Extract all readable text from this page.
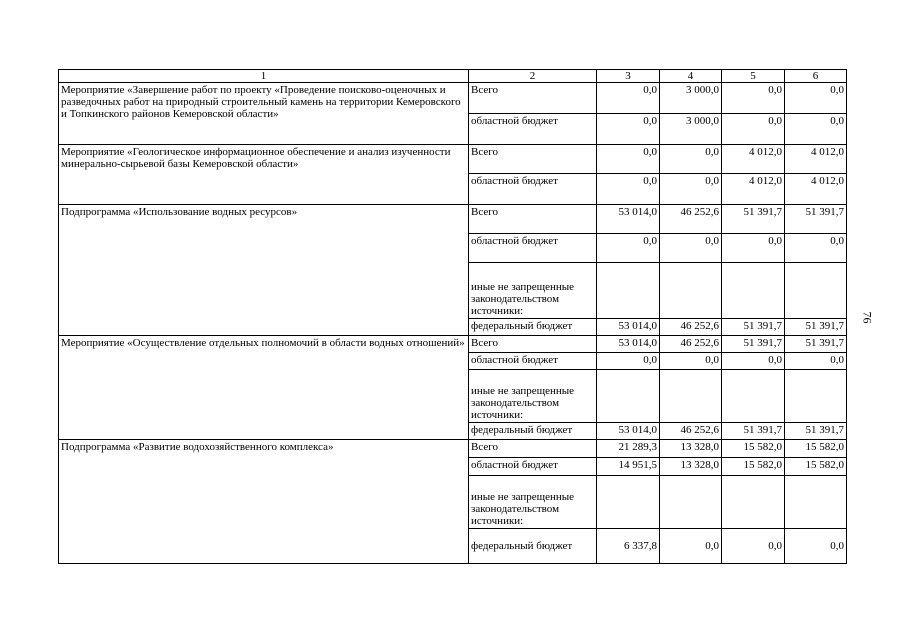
1	2	3	4	5	6
Мероприятие «Завершение работ по проекту «Проведение поисково-оценочных и разведочных работ на природный строительный камень на территории Кемеровского и Топкинского районов Кемеровской области»	Всего	0,0	3 000,0	0,0	0,0
	областной бюджет	0,0	3 000,0	0,0	0,0
Мероприятие «Геологическое информационное обеспечение и анализ изученности минерально-сырьевой базы Кемеровской области»	Всего	0,0	0,0	4 012,0	4 012,0
	областной бюджет	0,0	0,0	4 012,0	4 012,0
Подпрограмма «Использование водных ресурсов»	Всего	53 014,0	46 252,6	51 391,7	51 391,7
	областной бюджет	0,0	0,0	0,0	0,0
	иные не запрещенные законодательством источники:				
	федеральный бюджет	53 014,0	46 252,6	51 391,7	51 391,7
Мероприятие «Осуществление отдельных полномочий в области водных отношений»	Всего	53 014,0	46 252,6	51 391,7	51 391,7
	областной бюджет	0,0	0,0	0,0	0,0
	иные не запрещенные законодательством источники:				
	федеральный бюджет	53 014,0	46 252,6	51 391,7	51 391,7
Подпрограмма «Развитие водохозяйственного комплекса»	Всего	21 289,3	13 328,0	15 582,0	15 582,0
	областной бюджет	14 951,5	13 328,0	15 582,0	15 582,0
	иные не запрещенные законодательством источники:				
	федеральный бюджет	6 337,8	0,0	0,0	0,0
76
